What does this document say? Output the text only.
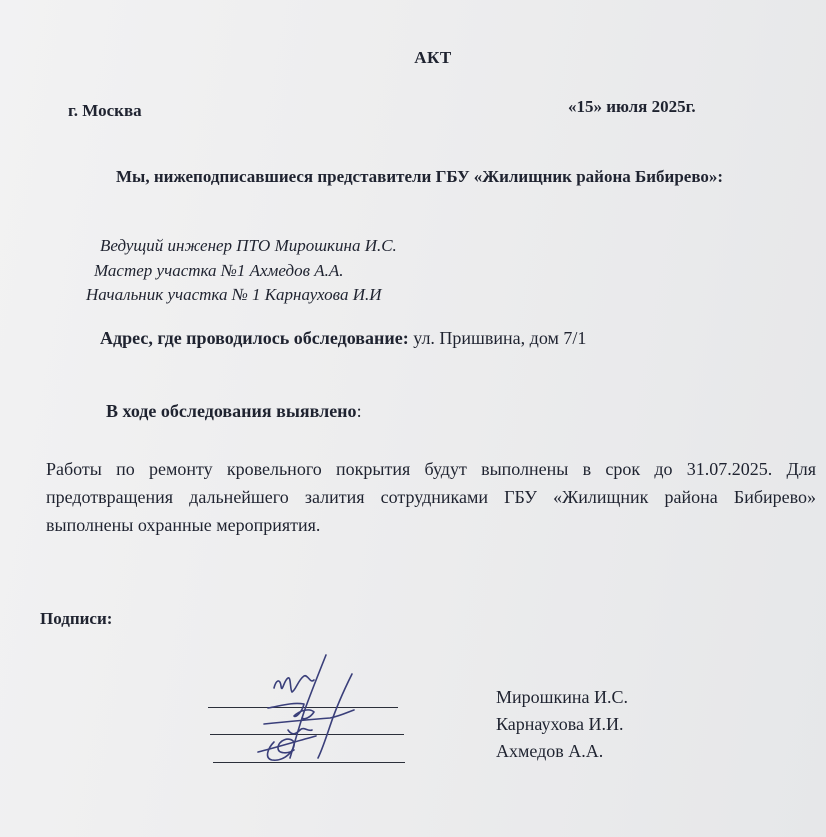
АКТ
г. Москва	«15» июля 2025г.
Мы, нижеподписавшиеся представители ГБУ «Жилищник района Бибирево»:
Ведущий инженер ПТО Мирошкина И.С.
Мастер участка №1 Ахмедов А.А.
Начальник участка № 1 Карнаухова И.И
Адрес, где проводилось обследование: ул. Пришвина, дом 7/1
В ходе обследования выявлено:
Работы по ремонту кровельного покрытия будут выполнены в срок до 31.07.2025. Для предотвращения дальнейшего залития сотрудниками ГБУ «Жилищник района Бибирево» выполнены охранные мероприятия.
Подписи:
Мирошкина И.С.
Карнаухова И.И.
Ахмедов А.А.
